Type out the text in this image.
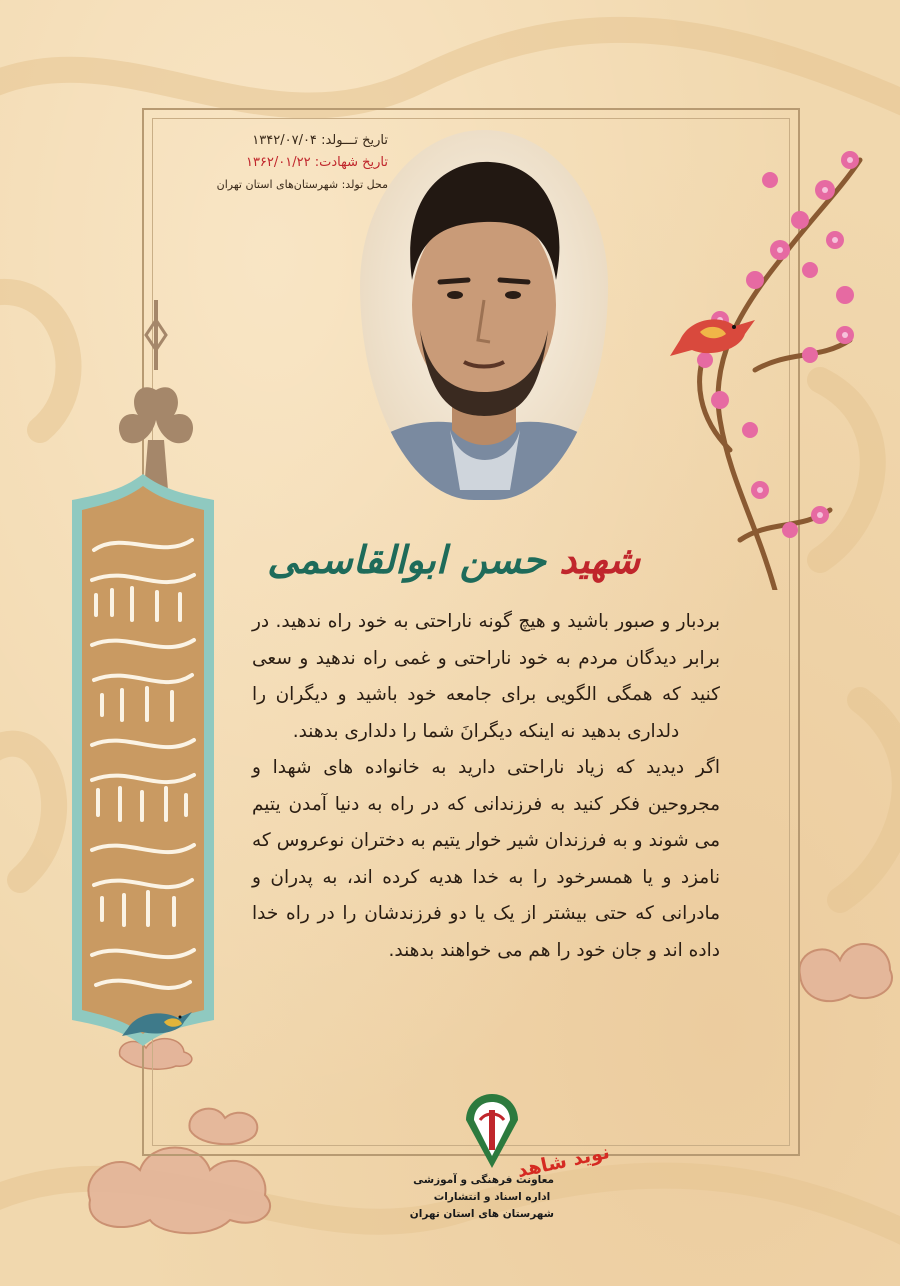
تاریخ تـــولد: ۱۳۴۲/۰۷/۰۴
تاریخ شهادت: ۱۳۶۲/۰۱/۲۲
محل تولد: شهرستان‌های استان تهران
شهید حسن ابوالقاسمی

بردبار و صبور باشید و هیچ گونه ناراحتی به خود راه ندهید. در برابر دیدگان مردم به خود ناراحتی و غمی راه ندهید و سعی کنید که همگی الگویی برای جامعه خود باشید و دیگران را دلداری بدهید نه اینکه دیگرانَ شما را دلداری بدهند.

اگر دیدید که زیاد ناراحتی دارید به خانواده های شهدا و مجروحین فکر کنید به فرزندانی که در راه به دنیا آمدن یتیم می شوند و به فرزندان شیر خوار یتیم به دختران نوعروس که نامزد و یا همسرخود را به خدا هدیه کرده اند، به پدران و مادرانی که حتی بیشتر از یک یا دو فرزندشان را در راه خدا داده اند و جان خود را هم می خواهند بدهند.

معاونت فرهنگی و آموزشی
اداره اسناد و انتشارات
شهرستان های استان تهران
نوید شاهد
